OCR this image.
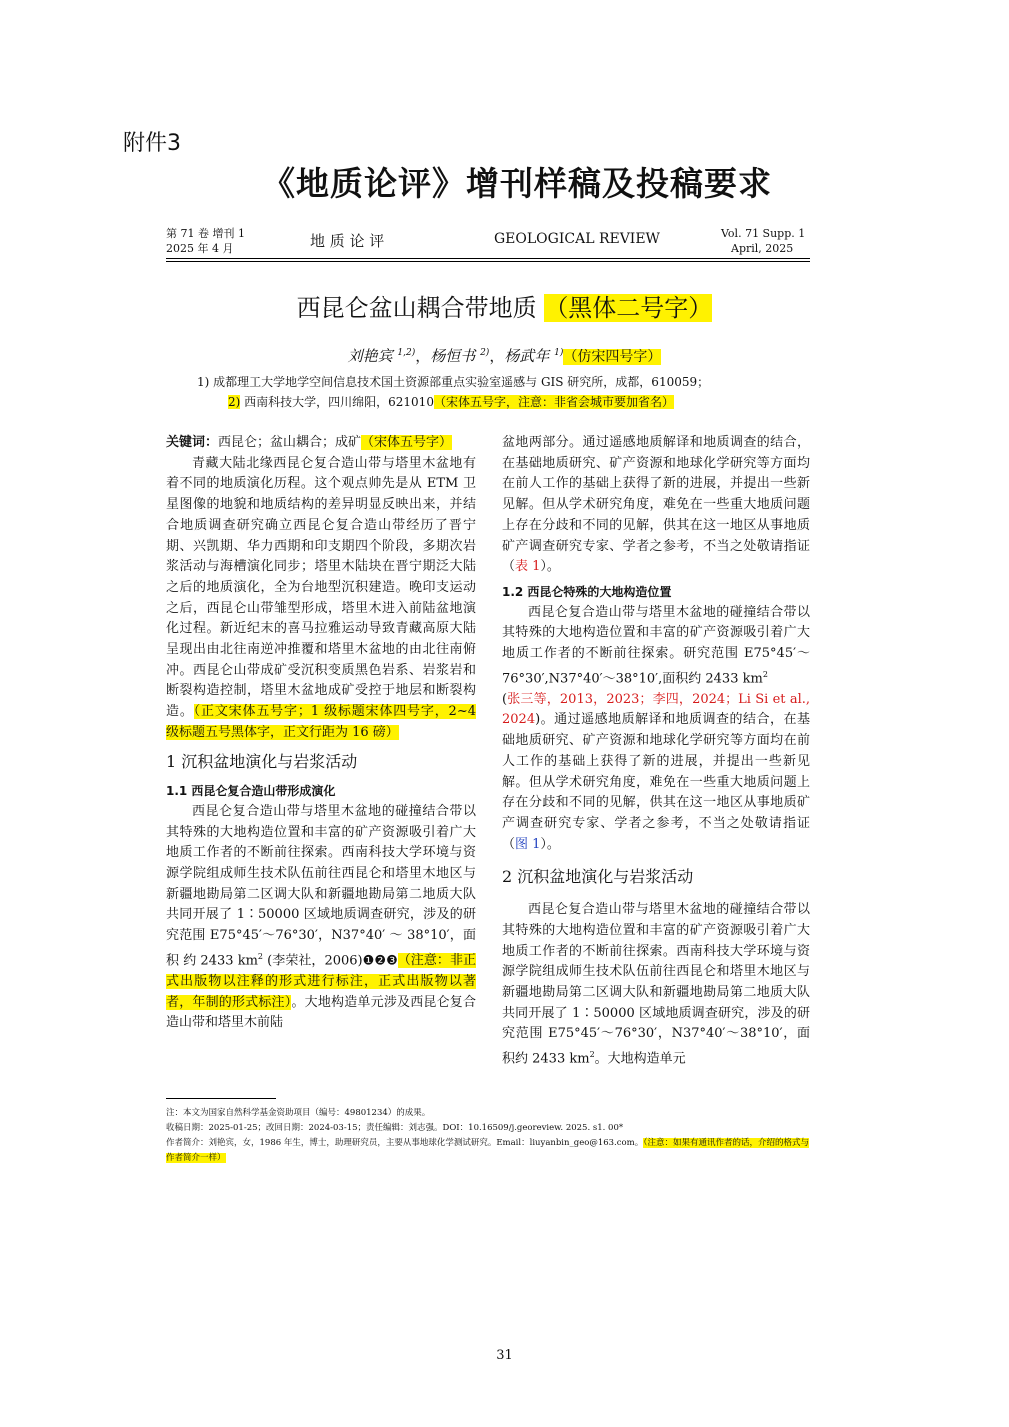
附件3
《地质论评》增刊样稿及投稿要求
第 71 卷 增刊 1
2025 年 4 月	地 质 论 评	GEOLOGICAL REVIEW	Vol. 71 Supp. 1
April, 2025
西昆仑盆山耦合带地质 （黑体二号字）
刘艳宾 $^{1,2)}$，杨恒书 $^{2)}$，杨武年 $^{1)}$（仿宋四号字）
1) 成都理工大学地学空间信息技术国土资源部重点实验室遥感与 GIS 研究所，成都，610059；
2) 西南科技大学，四川绵阳，621010（宋体五号字，注意：非省会城市要加省名）

关键词：西昆仑；盆山耦合；成矿（宋体五号字）

青藏大陆北缘西昆仑复合造山带与塔里木盆地有着不同的地质演化历程。这个观点帅先是从 ETM 卫星图像的地貌和地质结构的差异明显反映出来，并结合地质调查研究确立西昆仑复合造山带经历了晋宁期、兴凯期、华力西期和印支期四个阶段，多期次岩浆活动与海槽演化同步；塔里木陆块在晋宁期泛大陆之后的地质演化，全为台地型沉积建造。晚印支运动之后，西昆仑山带雏型形成，塔里木进入前陆盆地演化过程。新近纪末的喜马拉雅运动导致青藏高原大陆呈现出由北往南逆冲推覆和塔里木盆地的由北往南俯冲。西昆仑山带成矿受沉积变质黑色岩系、岩浆岩和断裂构造控制，塔里木盆地成矿受控于地层和断裂构造。（正文宋体五号字；1 级标题宋体四号字，2~4 级标题五号黑体字，正文行距为 16 磅）

1 沉积盆地演化与岩浆活动
1.1 西昆仑复合造山带形成演化

西昆仑复合造山带与塔里木盆地的碰撞结合带以其特殊的大地构造位置和丰富的矿产资源吸引着广大地质工作者的不断前往探索。西南科技大学环境与资源学院组成师生技术队伍前往西昆仑和塔里木地区与新疆地勘局第二区调大队和新疆地勘局第二地质大队共同开展了 1∶50000 区域地质调查研究，涉及的研究范围 E75°45′～76°30′，N37°40′ ～ 38°10′，面 积 约 2433 $km^2$ (李荣社，2006)❶❷❸（注意：非正式出版物以注释的形式进行标注，正式出版物以著者，年制的形式标注）。大地构造单元涉及西昆仑复合造山带和塔里木前陆

盆地两部分。通过遥感地质解译和地质调查的结合，在基础地质研究、矿产资源和地球化学研究等方面均在前人工作的基础上获得了新的进展，并提出一些新见解。但从学术研究角度，难免在一些重大地质问题上存在分歧和不同的见解，供其在这一地区从事地质矿产调查研究专家、学者之参考，不当之处敬请指证（表 1）。

1.2 西昆仑特殊的大地构造位置

西昆仑复合造山带与塔里木盆地的碰撞结合带以其特殊的大地构造位置和丰富的矿产资源吸引着广大地质工作者的不断前往探索。研究范围 E75°45′～76°30′,N37°40′～38°10′,面积约 2433 $km^2$
(张三等，2013，2023；李四，2024；Li Si et al., 2024)。通过遥感地质解译和地质调查的结合，在基础地质研究、矿产资源和地球化学研究等方面均在前人工作的基础上获得了新的进展，并提出一些新见解。但从学术研究角度，难免在一些重大地质问题上存在分歧和不同的见解，供其在这一地区从事地质矿产调查研究专家、学者之参考，不当之处敬请指证（图 1）。

2 沉积盆地演化与岩浆活动

西昆仑复合造山带与塔里木盆地的碰撞结合带以其特殊的大地构造位置和丰富的矿产资源吸引着广大地质工作者的不断前往探索。西南科技大学环境与资源学院组成师生技术队伍前往西昆仑和塔里木地区与新疆地勘局第二区调大队和新疆地勘局第二地质大队共同开展了 1∶50000 区域地质调查研究，涉及的研究范围 E75°45′～76°30′，N37°40′～38°10′，面积约 2433 $km^2$。大地构造单元

注：本文为国家自然科学基金资助项目（编号：49801234）的成果。
收稿日期：2025-01-25；改回日期：2024-03-15；责任编辑：刘志强。DOI：10.16509/j.georeview. 2025. s1. 00*
作者简介：刘艳宾，女，1986 年生，博士，助理研究员，主要从事地球化学测试研究。Email：liuyanbin_geo@163.com。（注意：如果有通讯作者的话，介绍的格式与作者简介一样）
31
